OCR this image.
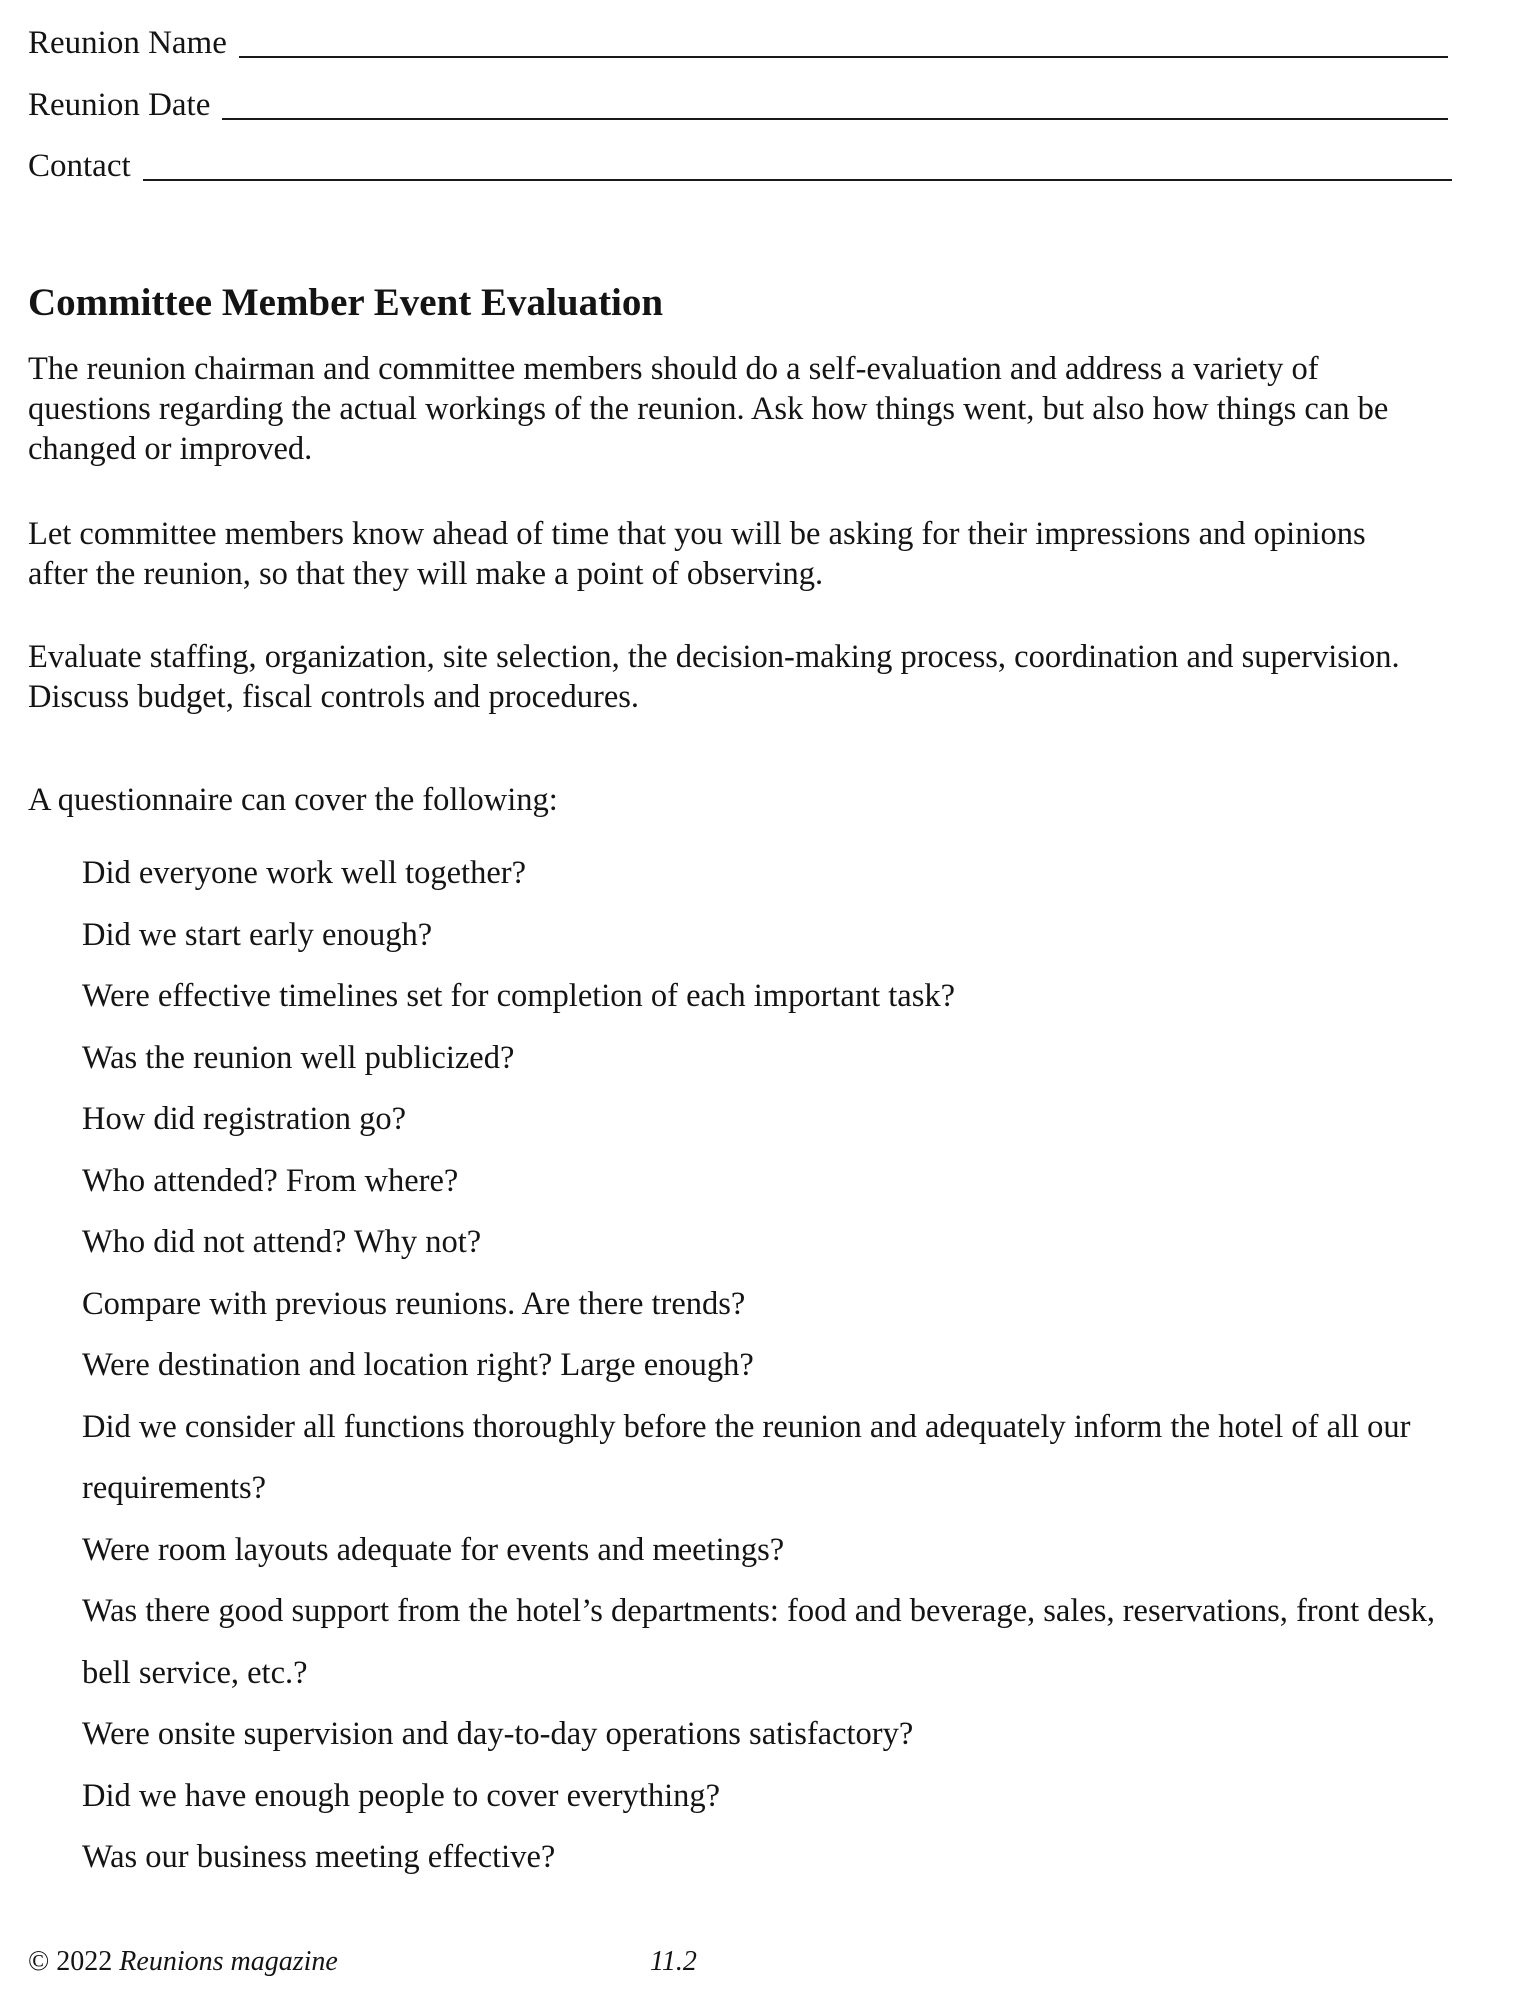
Reunion Name
Reunion Date
Contact
Committee Member Event Evaluation

The reunion chairman and committee members should do a self-evaluation and address a variety of questions regarding the actual workings of the reunion. Ask how things went, but also how things can be changed or improved.

Let committee members know ahead of time that you will be asking for their impressions and opinions after the reunion, so that they will make a point of observing.

Evaluate staffing, organization, site selection, the decision-making process, coordination and supervision. Discuss budget, fiscal controls and procedures.

A questionnaire can cover the following:

Did everyone work well together?
Did we start early enough?
Were effective timelines set for completion of each important task?
Was the reunion well publicized?
How did registration go?
Who attended? From where?
Who did not attend? Why not?
Compare with previous reunions. Are there trends?
Were destination and location right? Large enough?
Did we consider all functions thoroughly before the reunion and adequately inform the hotel of all our requirements?
Were room layouts adequate for events and meetings?
Was there good support from the hotel’s departments: food and beverage, sales, reservations, front desk, bell service, etc.?
Were onsite supervision and day-to-day operations satisfactory?
Did we have enough people to cover everything?
Was our business meeting effective?
© 2022 Reunions magazine	11.2
